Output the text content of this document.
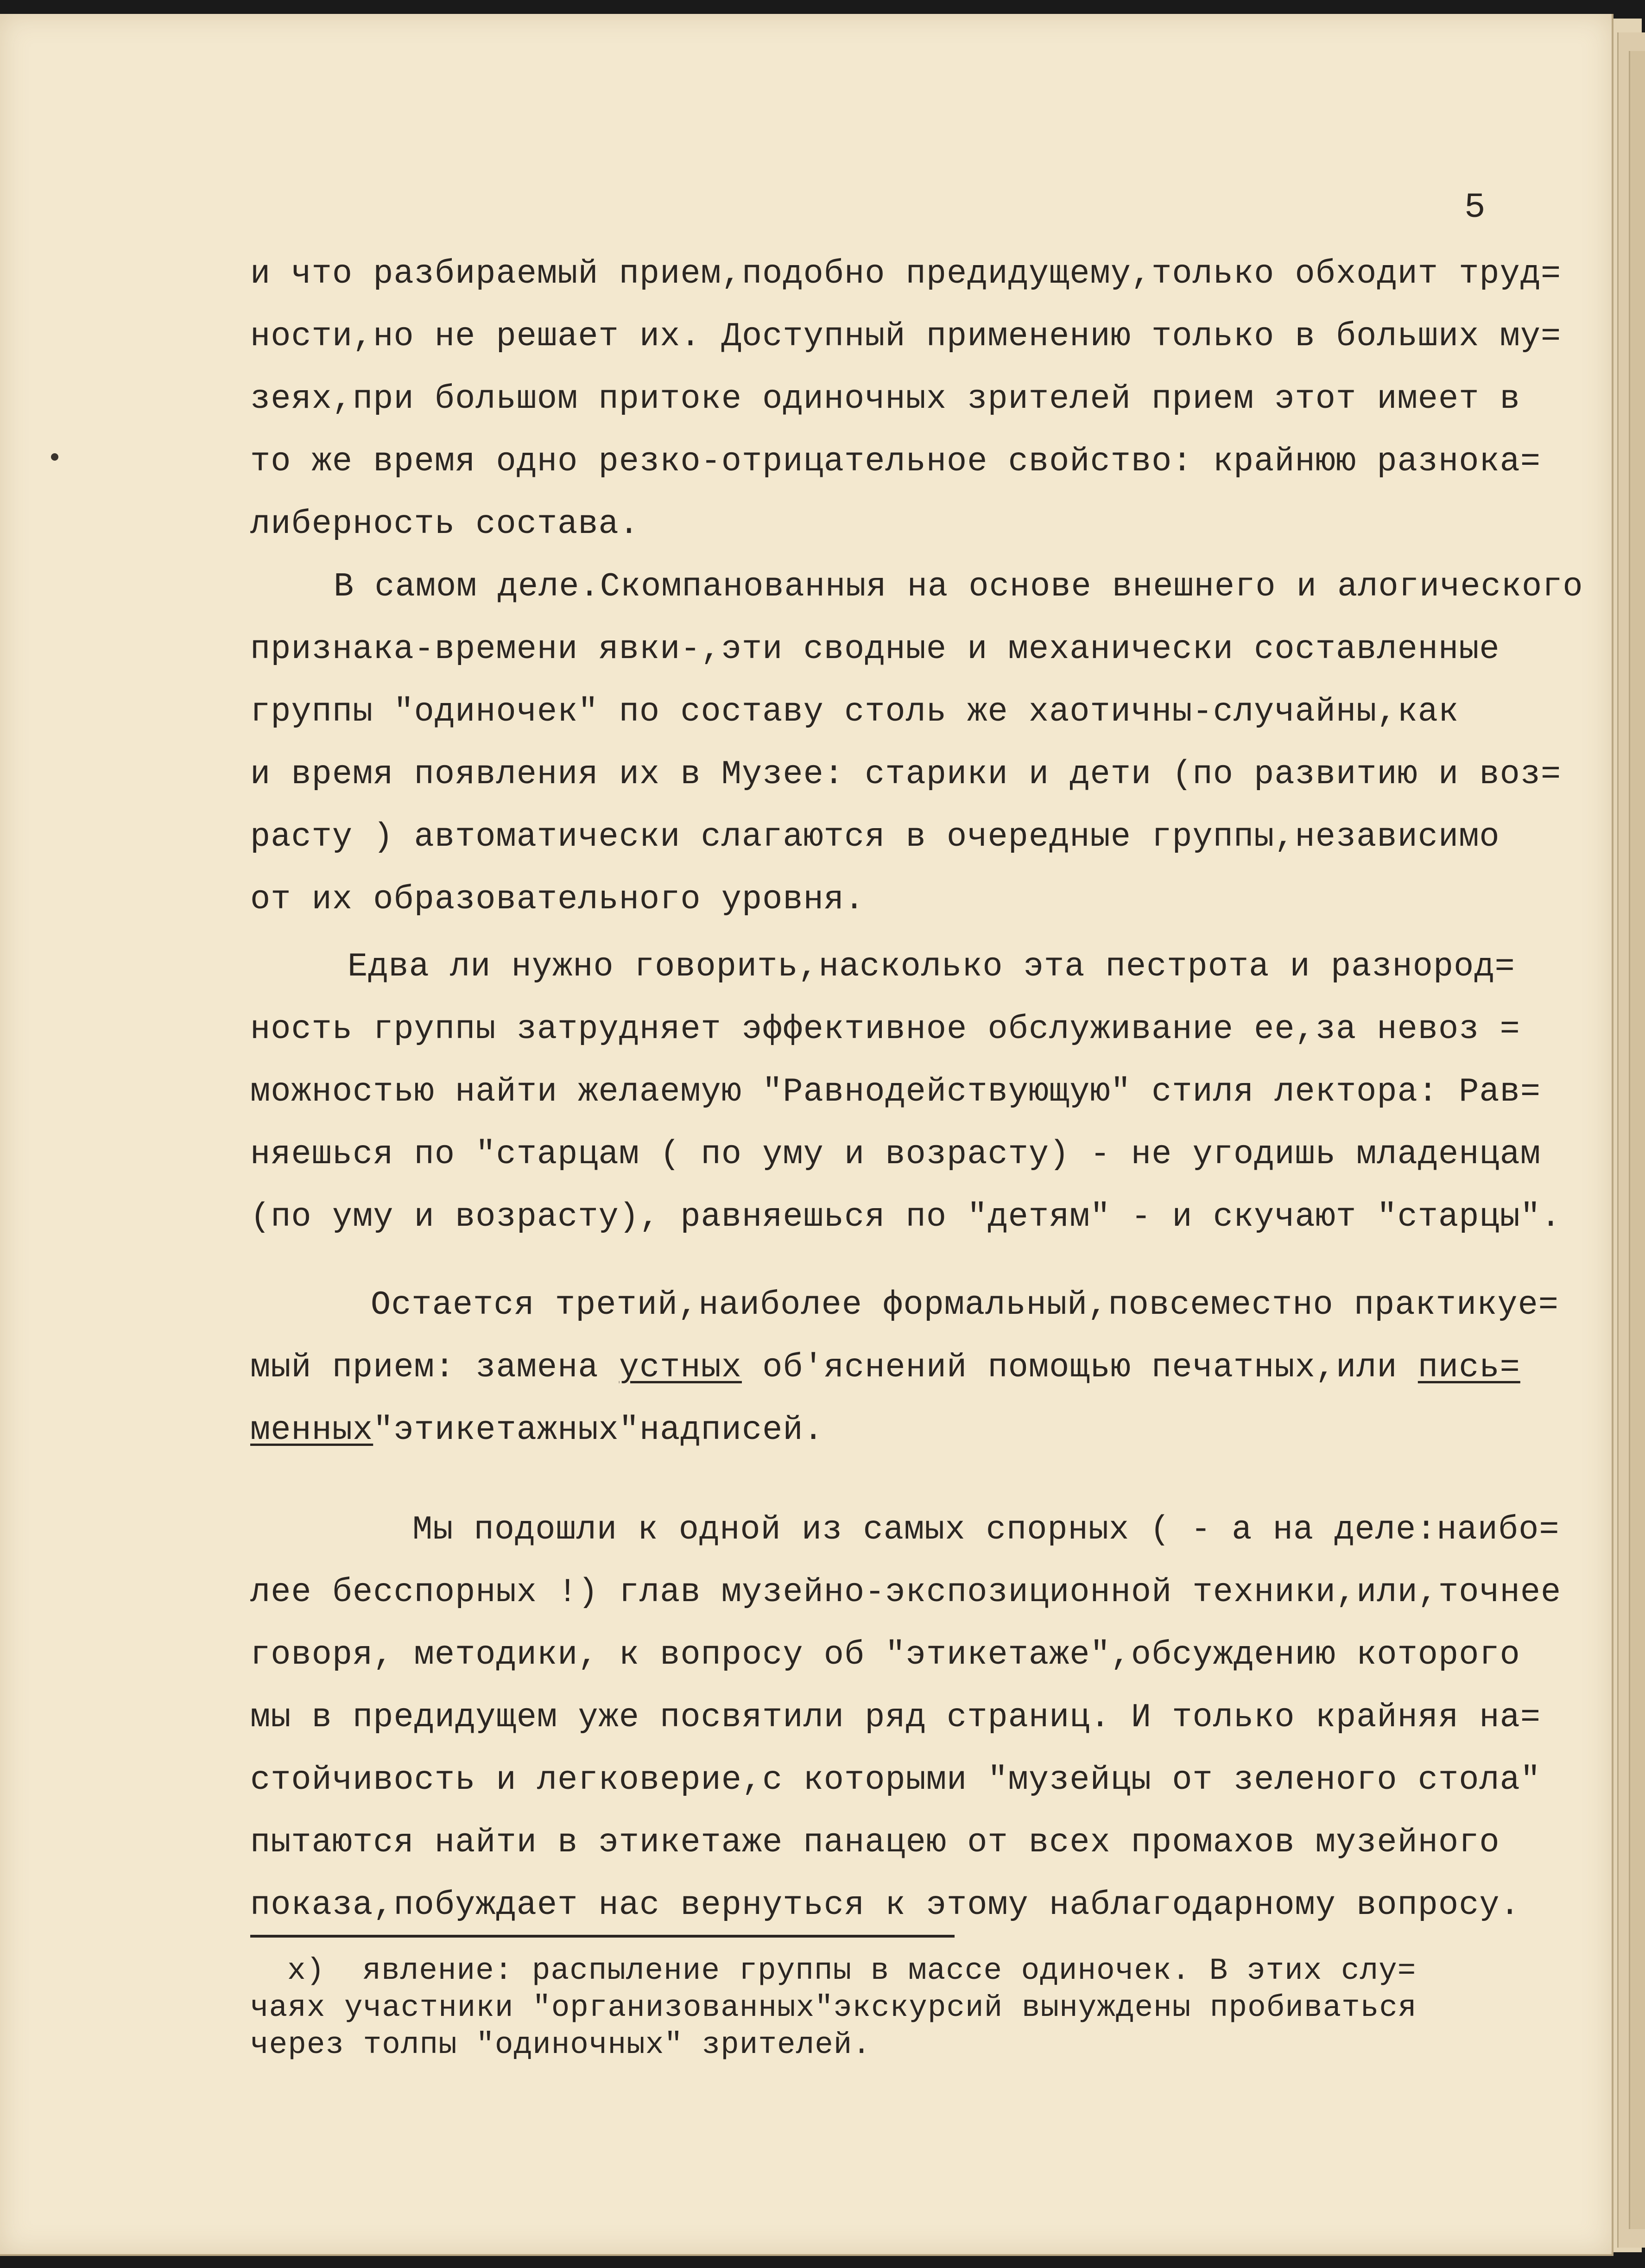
5
и что разбираемый прием,подобно предидущему,только обходит труд=
ности,но не решает их. Доступный применению только в больших му=
зеях,при большом притоке одиночных зрителей прием этот имеет в
то же время одно резко-отрицательное свойство: крайнюю разнока=
либерность состава.
В самом деле.Скомпанованныя на основе внешнего и алогического
признака-времени явки-,эти сводные и механически составленные
группы "одиночек" по составу столь же хаотичны-случайны,как
и время появления их в Музее: старики и дети (по развитию и воз=
расту ) автоматически слагаются в очередные группы,независимо
от их образовательного уровня.
Едва ли нужно говорить,насколько эта пестрота и разнород=
ность группы затрудняет эффективное обслуживание ее,за невоз =
можностью найти желаемую "Равнодействующую" стиля лектора: Рав=
няешься по "старцам ( по уму и возрасту) - не угодишь младенцам
(по уму и возрасту), равняешься по "детям" - и скучают "старцы".
Остается третий,наиболее формальный,повсеместно практикуе=
мый прием: замена устных об'яснений помощью печатных,или пись=
менных"этикетажных"надписей.
Мы подошли к одной из самых спорных ( - а на деле:наибо=
лее бесспорных !) глав музейно-экспозиционной техники,или,точнее
говоря, методики, к вопросу об "этикетаже",обсуждению которого
мы в предидущем уже посвятили ряд страниц. И только крайняя на=
стойчивость и легковерие,с которыми "музейцы от зеленого стола"
пытаются найти в этикетаже панацею от всех промахов музейного
показа,побуждает нас вернуться к этому наблагодарному вопросу.
х)  явление: распыление группы в массе одиночек. В этих слу=
чаях участники "организованных"экскурсий вынуждены пробиваться
через толпы "одиночных" зрителей.
